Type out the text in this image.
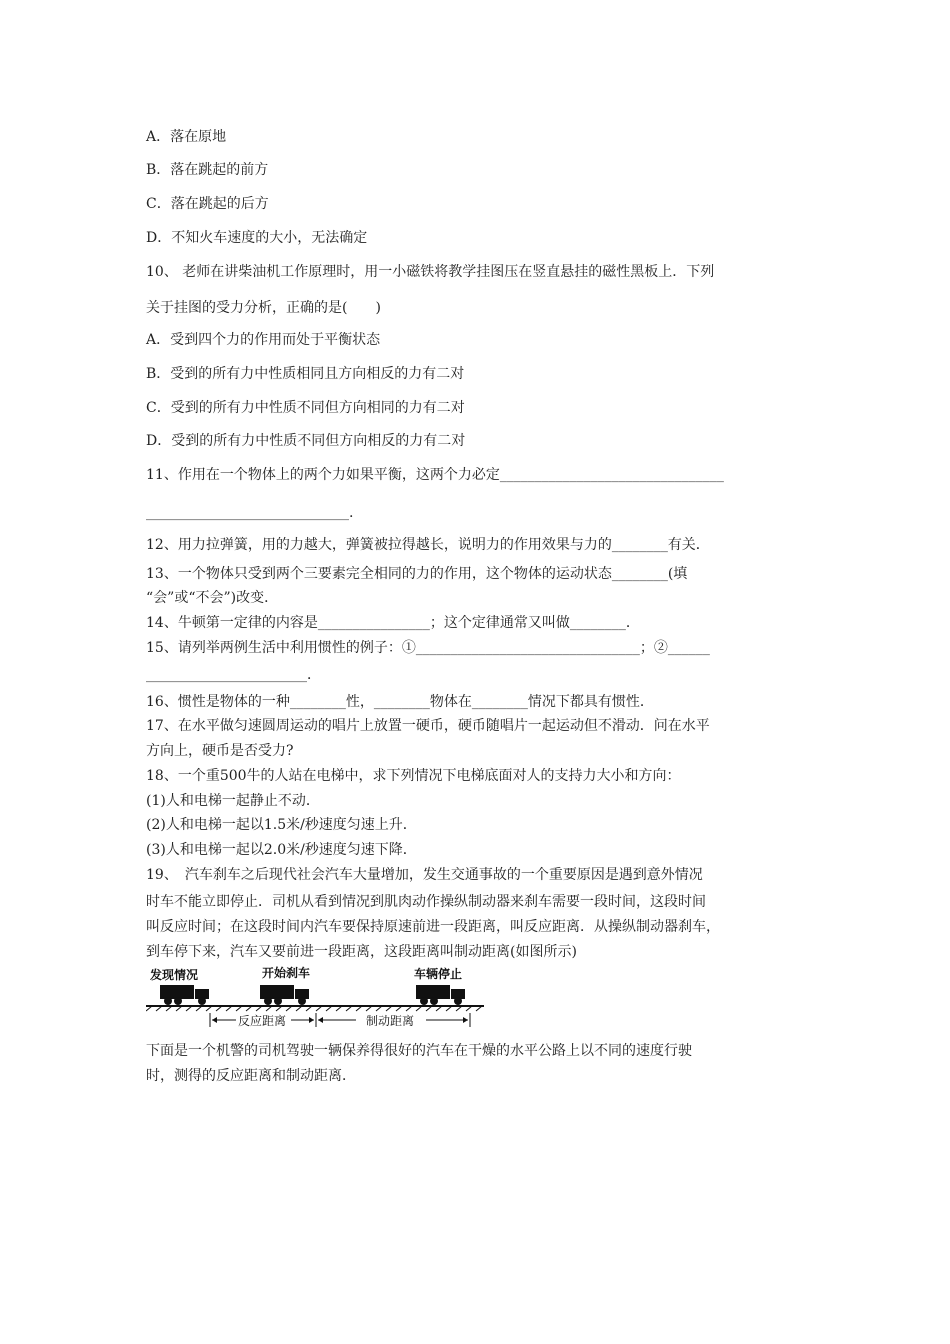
A．落在原地
B．落在跳起的前方
C．落在跳起的后方
D．不知火车速度的大小，无法确定
10、 老师在讲柴油机工作原理时，用一小磁铁将教学挂图压在竖直悬挂的磁性黑板上．下列
关于挂图的受力分析，正确的是(　　)
A．受到四个力的作用而处于平衡状态
B．受到的所有力中性质相同且方向相反的力有二对
C．受到的所有力中性质不同但方向相同的力有二对
D．受到的所有力中性质不同但方向相反的力有二对
11、作用在一个物体上的两个力如果平衡，这两个力必定________________________________
_____________________________.
12、用力拉弹簧，用的力越大，弹簧被拉得越长，说明力的作用效果与力的________有关．
13、一个物体只受到两个三要素完全相同的力的作用，这个物体的运动状态________(填
“会”或“不会”)改变．
14、牛顿第一定律的内容是________________；这个定律通常又叫做________．
15、请列举两例生活中利用惯性的例子：①________________________________；②______
_______________________．
16、惯性是物体的一种________性，________物体在________情况下都具有惯性．
17、在水平做匀速圆周运动的唱片上放置一硬币，硬币随唱片一起运动但不滑动．问在水平
方向上，硬币是否受力?
18、一个重500牛的人站在电梯中，求下列情况下电梯底面对人的支持力大小和方向：
(1)人和电梯一起静止不动．
(2)人和电梯一起以1.5米/秒速度匀速上升．
(3)人和电梯一起以2.0米/秒速度匀速下降．
19、　汽车刹车之后现代社会汽车大量增加，发生交通事故的一个重要原因是遇到意外情况
时车不能立即停止．司机从看到情况到肌肉动作操纵制动器来刹车需要一段时间，这段时间
叫反应时间；在这段时间内汽车要保持原速前进一段距离，叫反应距离．从操纵制动器刹车，
到车停下来，汽车又要前进一段距离，这段距离叫制动距离(如图所示)
发现情况	开始刹车	车辆停止
反应距离	制动距离
下面是一个机警的司机驾驶一辆保养得很好的汽车在干燥的水平公路上以不同的速度行驶
时，测得的反应距离和制动距离．
